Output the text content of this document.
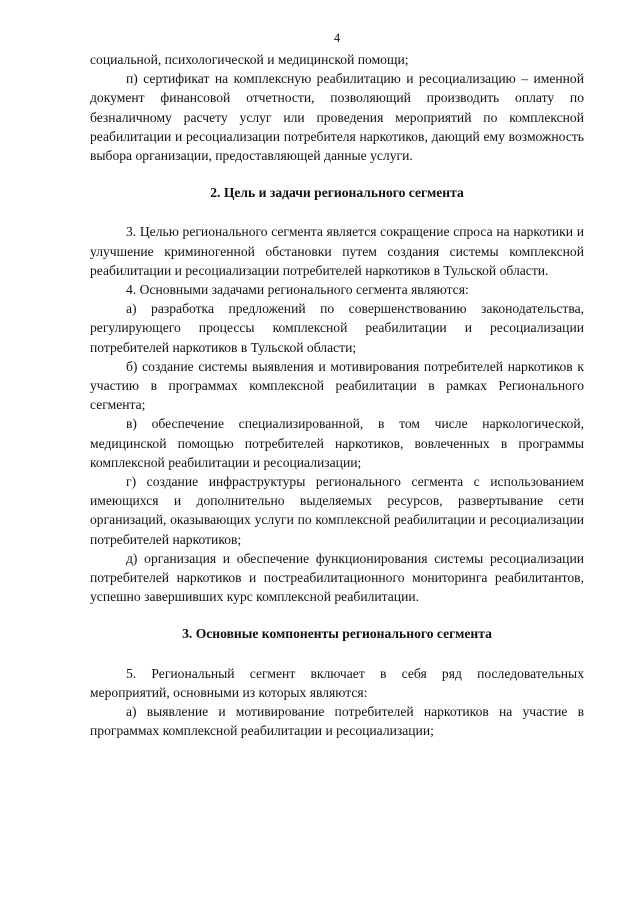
4

социальной, психологической и медицинской помощи;

п) сертификат на комплексную реабилитацию и ресоциализацию – именной документ финансовой отчетности, позволяющий производить оплату по безналичному расчету услуг или проведения мероприятий по комплексной реабилитации и ресоциализации потребителя наркотиков, дающий ему возможность выбора организации, предоставляющей данные услуги.

2. Цель и задачи регионального сегмента

3. Целью регионального сегмента является сокращение спроса на наркотики и улучшение криминогенной обстановки путем создания системы комплексной реабилитации и ресоциализации потребителей наркотиков в Тульской области.

4. Основными задачами регионального сегмента являются:

а) разработка предложений по совершенствованию законодательства, регулирующего процессы комплексной реабилитации и ресоциализации потребителей наркотиков в Тульской области;

б) создание системы выявления и мотивирования потребителей наркотиков к участию в программах комплексной реабилитации в рамках Регионального сегмента;

в) обеспечение специализированной, в том числе наркологической, медицинской помощью потребителей наркотиков, вовлеченных в программы комплексной реабилитации и ресоциализации;

г) создание инфраструктуры регионального сегмента с использованием имеющихся и дополнительно выделяемых ресурсов, развертывание сети организаций, оказывающих услуги по комплексной реабилитации и ресоциализации потребителей наркотиков;

д) организация и обеспечение функционирования системы ресоциализации потребителей наркотиков и постреабилитационного мониторинга реабилитантов, успешно завершивших курс комплексной реабилитации.

3. Основные компоненты регионального сегмента

5. Региональный сегмент включает в себя ряд последовательных мероприятий, основными из которых являются:

а) выявление и мотивирование потребителей наркотиков на участие в программах комплексной реабилитации и ресоциализации;
